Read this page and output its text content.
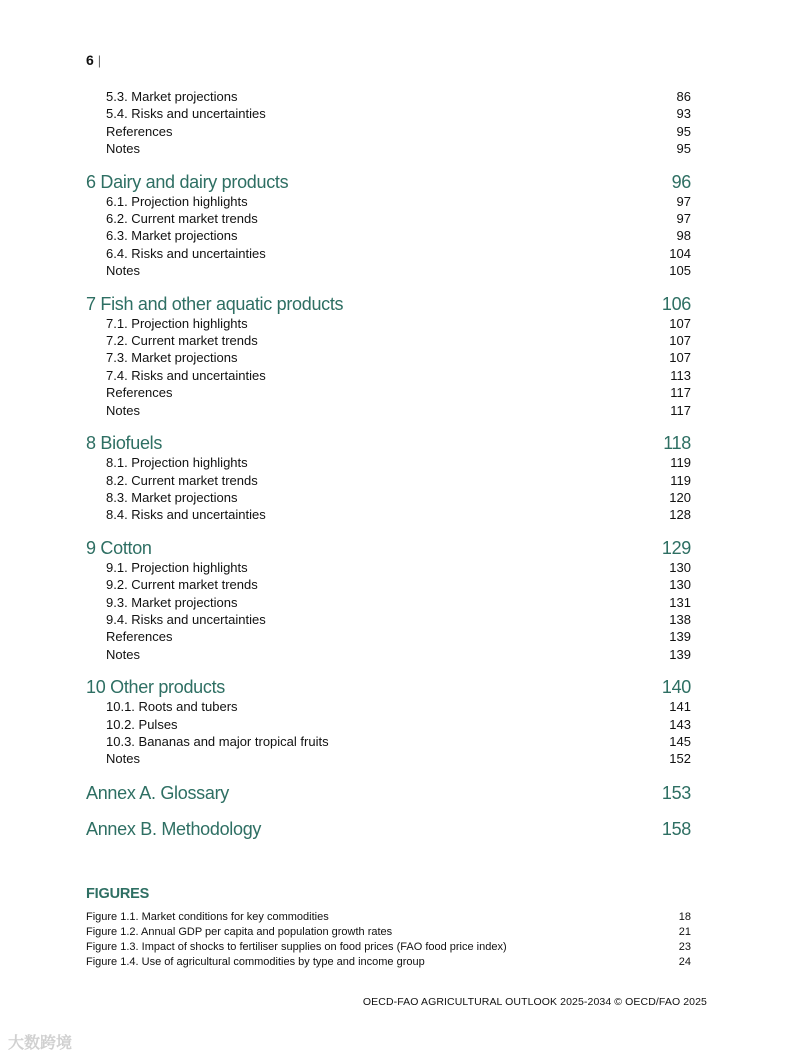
6 |
5.3. Market projections	86
5.4. Risks and uncertainties	93
References	95
Notes	95
6 Dairy and dairy products	96
6.1. Projection highlights	97
6.2. Current market trends	97
6.3. Market projections	98
6.4. Risks and uncertainties	104
Notes	105
7 Fish and other aquatic products	106
7.1. Projection highlights	107
7.2. Current market trends	107
7.3. Market projections	107
7.4. Risks and uncertainties	113
References	117
Notes	117
8 Biofuels	118
8.1. Projection highlights	119
8.2. Current market trends	119
8.3. Market projections	120
8.4. Risks and uncertainties	128
9 Cotton	129
9.1. Projection highlights	130
9.2. Current market trends	130
9.3. Market projections	131
9.4. Risks and uncertainties	138
References	139
Notes	139
10 Other products	140
10.1. Roots and tubers	141
10.2. Pulses	143
10.3. Bananas and major tropical fruits	145
Notes	152
Annex A. Glossary	153
Annex B. Methodology	158
FIGURES
Figure 1.1. Market conditions for key commodities	18
Figure 1.2. Annual GDP per capita and population growth rates	21
Figure 1.3. Impact of shocks to fertiliser supplies on food prices (FAO food price index)	23
Figure 1.4. Use of agricultural commodities by type and income group	24
OECD-FAO AGRICULTURAL OUTLOOK 2025-2034 © OECD/FAO 2025
大数跨境
